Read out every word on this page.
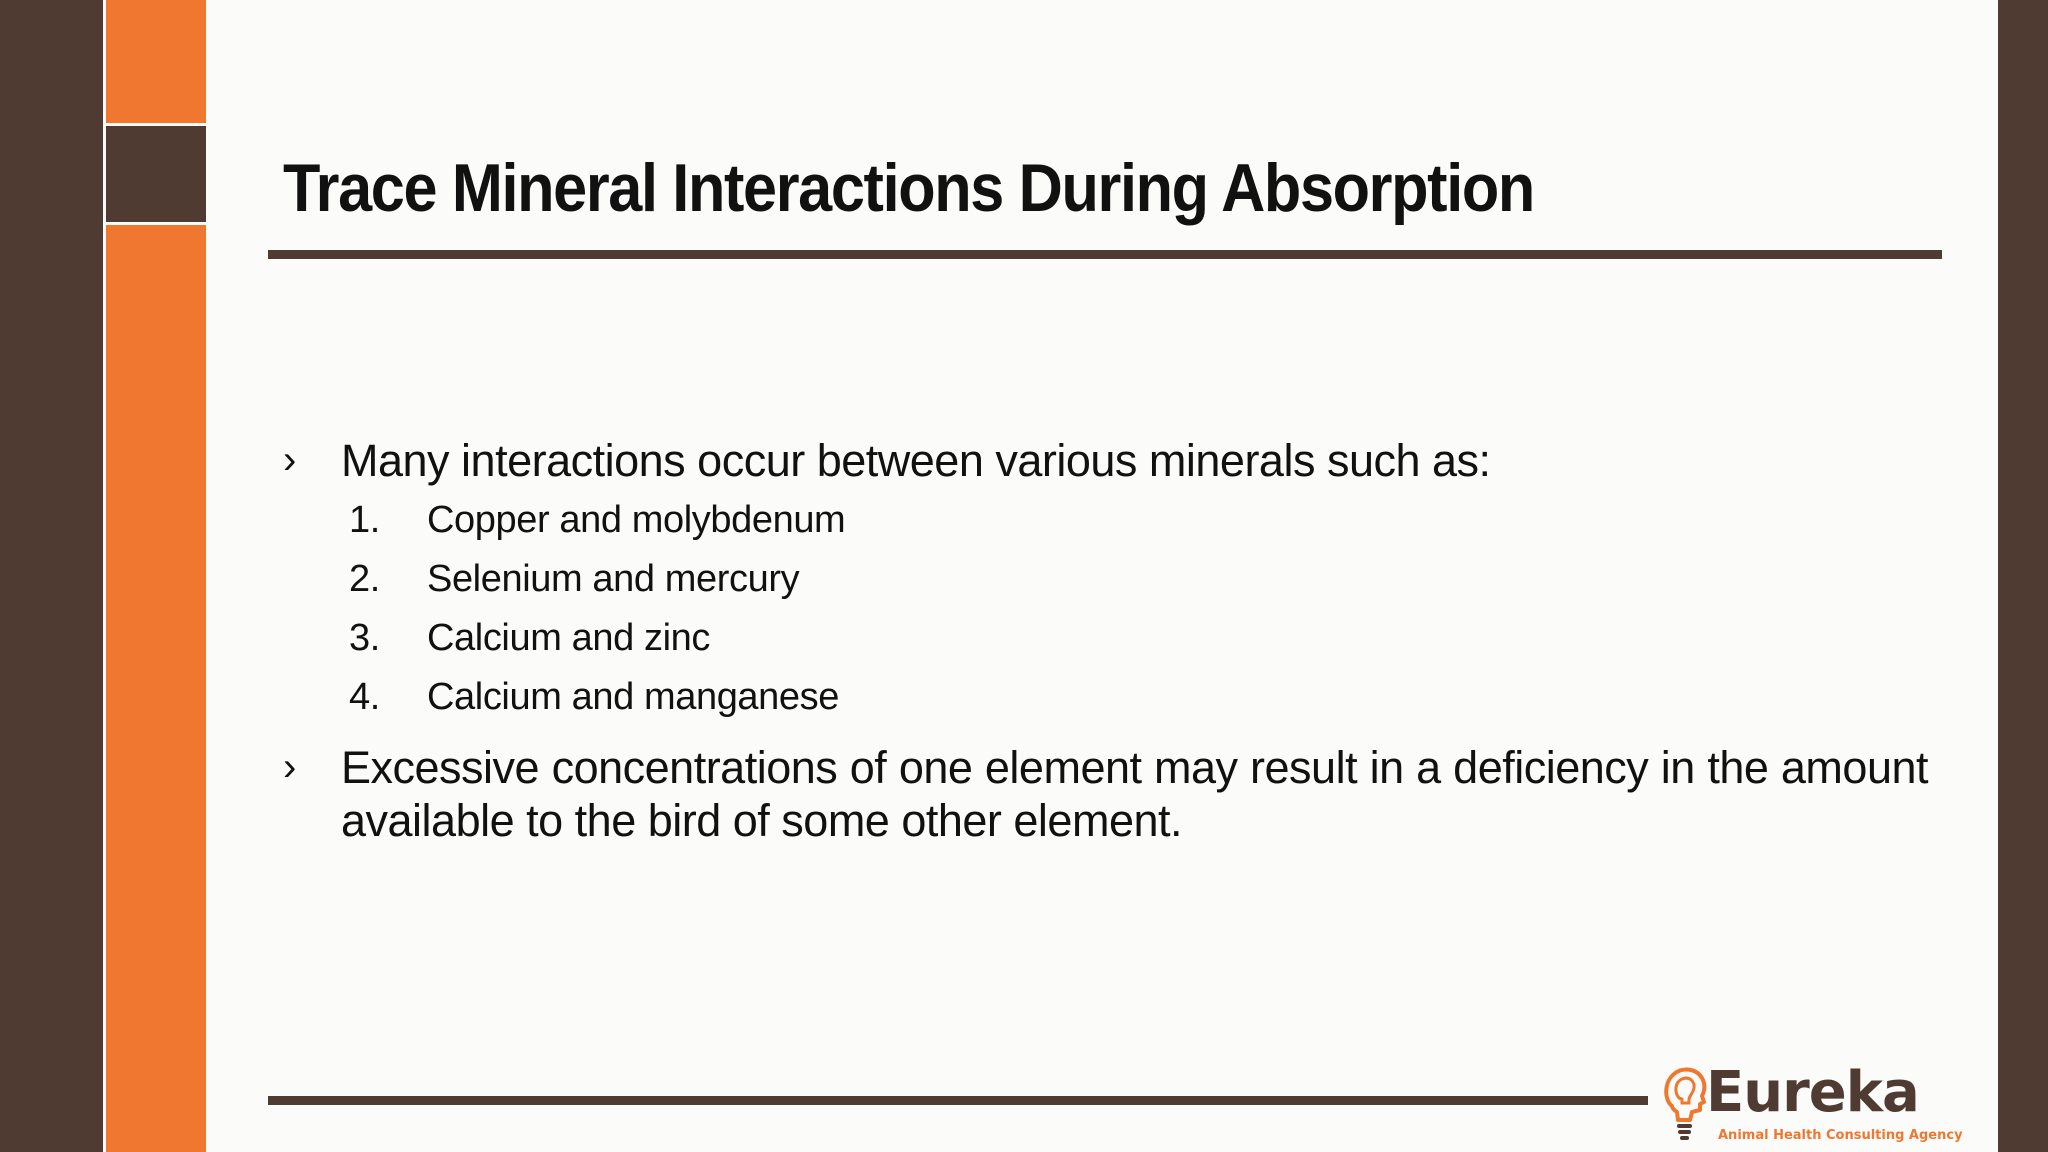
Trace Mineral Interactions During Absorption
› Many interactions occur between various minerals such as:
1. Copper and molybdenum
2. Selenium and mercury
3. Calcium and zinc
4. Calcium and manganese
› Excessive concentrations of one element may result in a deficiency in the amount available to the bird of some other element.
Eureka
Animal Health Consulting Agency
